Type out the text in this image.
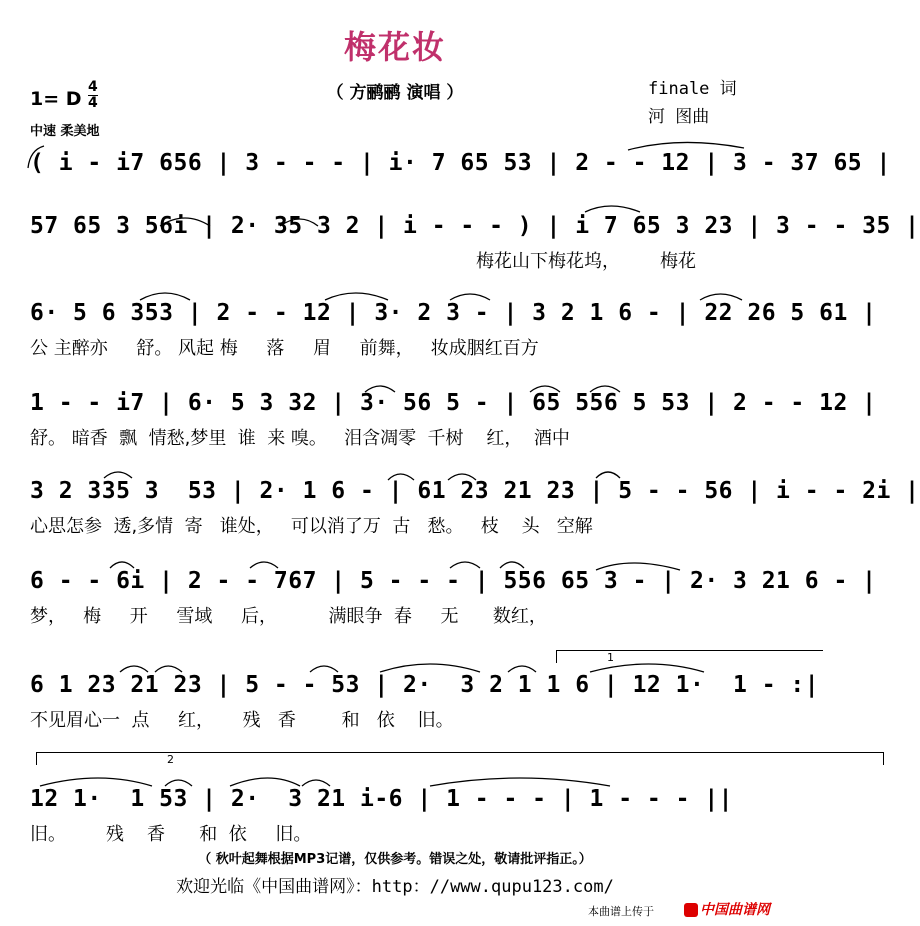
梅花妆
（ 方鹂鹂 演唱 ）	finale 词
河 图曲
1= D
4

4
中速 柔美地
( i - i7 656 | 3 - - - | i· 7 65 53 | 2 - - 12 | 3 - 37 65 |
57 65 3 56i | 2· 35 3 2 | i - - - ) | i 7 65 3 23 | 3 - - 35 |
梅花山下梅花坞，       梅花
6· 5 6 353 | 2 - - 12 | 3· 2 3 - | 3 2 1 6 - | 22 26 5 61 |
公 主醉亦     舒。 风起 梅     落     眉     前舞，   妆成胭红百方
1 - - i7 | 6· 5 3 32 | 3· 56 5 - | 65 556 5 53 | 2 - - 12 |
舒。 暗香  飘  情愁,梦里  谁  来 嗅。   泪含凋零  千树    红，  酒中
3 2 335 3  53 | 2· 1 6 - | 61 23 21 23 | 5 - - 56 | i - - 2i |
心思怎参  透,多情  寄   谁处，   可以消了万  古   愁。   枝    头   空解
6 - - 6i | 2 - - 767 | 5 - - - | 556 65 3 - | 2· 3 21 6 - |
梦，   梅     开     雪域     后，         满眼争  春     无      数红，
6 1 23 21 23 | 5 - - 53 | 2·  3 2 1 1 6 | 12 1·  1 - :|
不见眉心一  点     红，     残   香        和   依    旧。
1
12 1·  1 53 | 2·  3 21 i-6 | 1 - - - | 1 - - - ||
旧。       残    香      和  依     旧。
2
（ 秋叶起舞根据MP3记谱，仅供参考。错误之处，敬请批评指正。）
欢迎光临《中国曲谱网》：http：//www.qupu123.com/
本曲谱上传于	中国曲谱网
